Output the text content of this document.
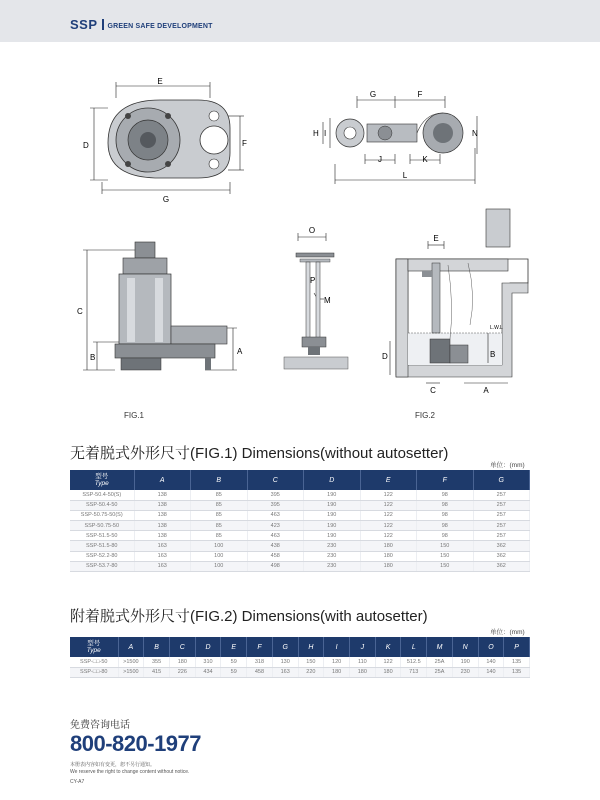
SSP GREEN SAFE DEVELOPMENT
E
D	F
G
G	F
H I	N
J	K
L
C
B
A
O
P
M
E
D	B
C	A
L.W.L
FIG.1	FIG.2
无着脱式外形尺寸(FIG.1) Dimensions(without autosetter)
单位：(mm)
型号
Type	A	B	C	D	E	F	G
SSP-50.4-50(S)	138	85	395	190	122	98	257
SSP-50.4-50	138	85	395	190	122	98	257
SSP-50.75-50(S)	138	85	463	190	122	98	257
SSP-50.75-50	138	85	423	190	122	98	257
SSP-51.5-50	138	85	463	190	122	98	257
SSP-51.5-80	163	100	438	230	180	150	362
SSP-52.2-80	163	100	458	230	180	150	362
SSP-53.7-80	163	100	498	230	180	150	362
附着脱式外形尺寸(FIG.2) Dimensions(with autosetter)
单位：(mm)
型号
Type	A	B	C	D	E	F	G	H	I	J	K	L	M	N	O	P
SSP-□□-50	>1500	355	180	310	59	318	130	150	120	110	122	512.5	25A	190	140	135
SSP-□□-80	>1500	415	226	434	59	458	163	220	180	180	180	713	25A	230	140	135
免费咨询电话
800-820-1977
本册表内容如有变更，恕不另行通知。
We reserve the right to change content without notice.
CY-A7
